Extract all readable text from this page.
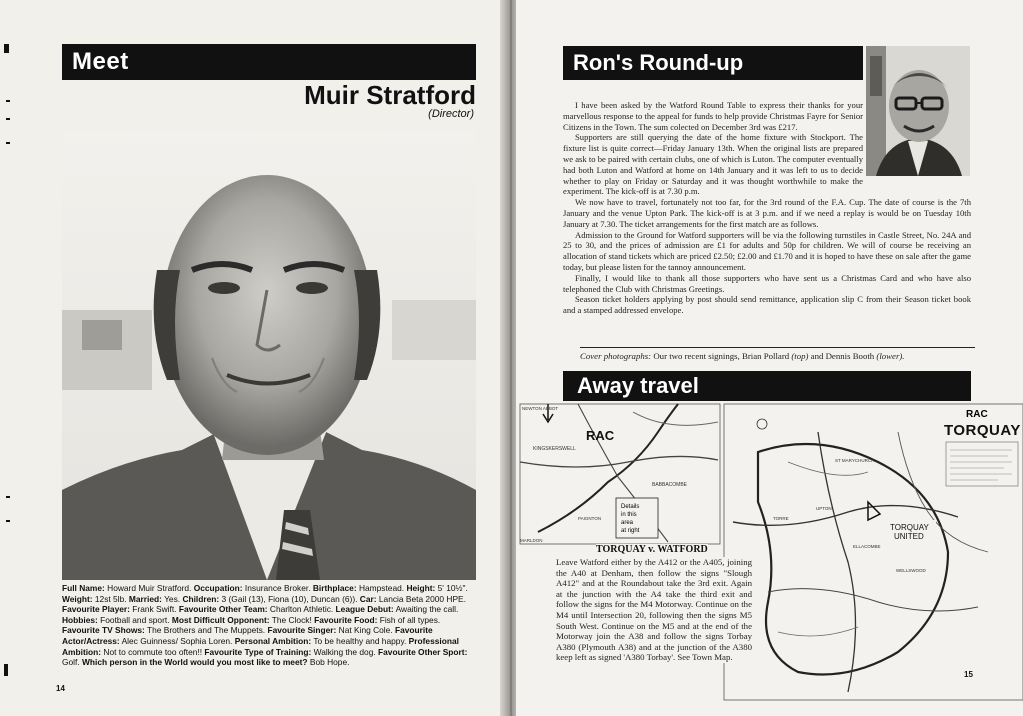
Meet
Muir Stratford
(Director)
Full Name: Howard Muir Stratford. Occupation: Insurance Broker. Birthplace: Hampstead. Height: 5' 10½". Weight: 12st 5lb. Married: Yes. Children: 3 (Gail (13), Fiona (10), Duncan (6)). Car: Lancia Beta 2000 HPE. Favourite Player: Frank Swift. Favourite Other Team: Charlton Athletic. League Debut: Awaiting the call. Hobbies: Football and sport. Most Difficult Opponent: The Clock! Favourite Food: Fish of all types. Favourite TV Shows: The Brothers and The Muppets. Favourite Singer: Nat King Cole. Favourite Actor/Actress: Alec Guinness/ Sophia Loren. Personal Ambition: To be healthy and happy. Professional Ambition: Not to commute too often!! Favourite Type of Training: Walking the dog. Favourite Other Sport: Golf. Which person in the World would you most like to meet? Bob Hope.
14
Ron's Round-up

I have been asked by the Watford Round Table to express their thanks for your marvellous response to the appeal for funds to help provide Christmas Fayre for Senior Citizens in the Town. The sum colected on December 3rd was £217.

Supporters are still querying the date of the home fixture with Stockport. The fixture list is quite correct—Friday January 13th. When the original lists are prepared we ask to be paired with certain clubs, one of which is Luton. The computer eventually had both Luton and Watford at home on 14th January and it was left to us to decide whether to play on Friday or Saturday and it was thought worthwhile to make the experiment. The kick-off is at 7.30 p.m.

We now have to travel, fortunately not too far, for the 3rd round of the F.A. Cup. The date of course is the 7th January and the venue Upton Park. The kick-off is at 3 p.m. and if we need a replay is would be on Tuesday 10th January at 7.30. The ticket arrangements for the first match are as follows.

Admission to the Ground for Watford supporters will be via the following turnstiles in Castle Street, No. 24A and 25 to 30, and the prices of admission are £1 for adults and 50p for children. We will of course be receiving an allocation of stand tickets which are priced £2.50; £2.00 and £1.70 and it is hoped to have these on sale after the game today, but please listen for the tannoy announcement.

Finally, I would like to thank all those supporters who have sent us a Christmas Card and who have also telephoned the Club with Christmas Greetings.

Season ticket holders applying by post should send remittance, application slip C from their Season ticket book and a stamped addressed envelope.

Cover photographs: Our two recent signings, Brian Pollard (top) and Dennis Booth (lower).
Away travel
RAC
KINGSKERSWELL
BABBACOMBE
NEWTON ABBOT
PAIGNTON
MARLDON
Details
in this
area
at right
ST MARYCHURCH
WELLSWOOD
ELLACOMBE
UPTON
TORRE
TORQUAY
UNITED
RAC
TORQUAY
TORQUAY v. WATFORD
Leave Watford either by the A412 or the A405, joining the A40 at Denham, then follow the signs "Slough A412" and at the Roundabout take the 3rd exit. Again at the junction with the A4 take the third exit and follow the signs for the M4 Motorway. Continue on the M4 until Intersection 20, following then the signs M5 South West. Continue on the M5 and at the end of the Motorway join the A38 and follow the signs Torbay A380 (Plymouth A38) and at the junction of the A380 keep left as signed 'A380 Torbay'. See Town Map.
15
